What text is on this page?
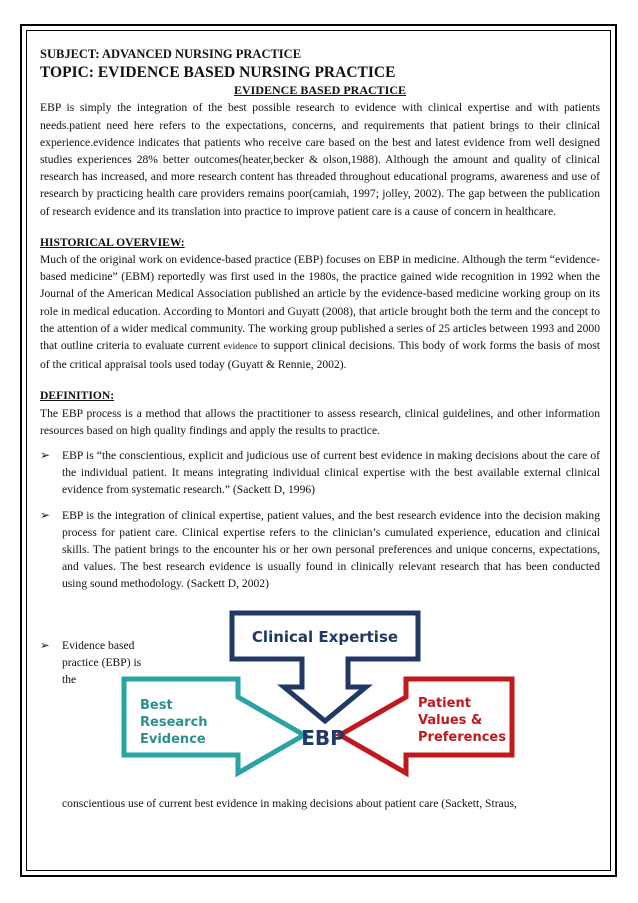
SUBJECT: ADVANCED NURSING PRACTICE

TOPIC: EVIDENCE BASED NURSING PRACTICE

EVIDENCE BASED PRACTICE

EBP is simply the integration of the best possible research to evidence with clinical expertise and with patients needs.patient need here refers to the expectations, concerns, and requirements that patient brings to their clinical experience.evidence indicates that patients who receive care based on the best and latest evidence from well designed studies experiences 28% better outcomes(heater,becker & olson,1988). Although the amount and quality of clinical research has increased, and more research content has threaded throughout educational programs, awareness and use of research by practicing health care providers remains poor(camiah, 1997; jolley, 2002). The gap between the publication of research evidence and its translation into practice to improve patient care is a cause of concern in healthcare.

HISTORICAL OVERVIEW:

Much of the original work on evidence-based practice (EBP) focuses on EBP in medicine. Although the term “evidence-based medicine” (EBM) reportedly was first used in the 1980s, the practice gained wide recognition in 1992 when the Journal of the American Medical Association published an article by the evidence-based medicine working group on its role in medical education. According to Montori and Guyatt (2008), that article brought both the term and the concept to the attention of a wider medical community. The working group published a series of 25 articles between 1993 and 2000 that outline criteria to evaluate current evidence to support clinical decisions. This body of work forms the basis of most of the critical appraisal tools used today (Guyatt & Rennie, 2002).

DEFINITION:

The EBP process is a method that allows the practitioner to assess research, clinical guidelines, and other information resources based on high quality findings and apply the results to practice.

➢ EBP is “the conscientious, explicit and judicious use of current best evidence in making decisions about the care of the individual patient. It means integrating individual clinical expertise with the best available external clinical evidence from systematic research.” (Sackett D, 1996)
➢ EBP is the integration of clinical expertise, patient values, and the best research evidence into the decision making process for patient care. Clinical expertise refers to the clinician’s cumulated experience, education and clinical skills. The patient brings to the encounter his or her own personal preferences and unique concerns, expectations, and values. The best research evidence is usually found in clinically relevant research that has been conducted using sound methodology. (Sackett D, 2002)
➢ Evidence based practice (EBP) is the
Clinical Expertise
Best
Research
Evidence
Patient
Values &
Preferences
EBP

conscientious use of current best evidence in making decisions about patient care (Sackett, Straus,
